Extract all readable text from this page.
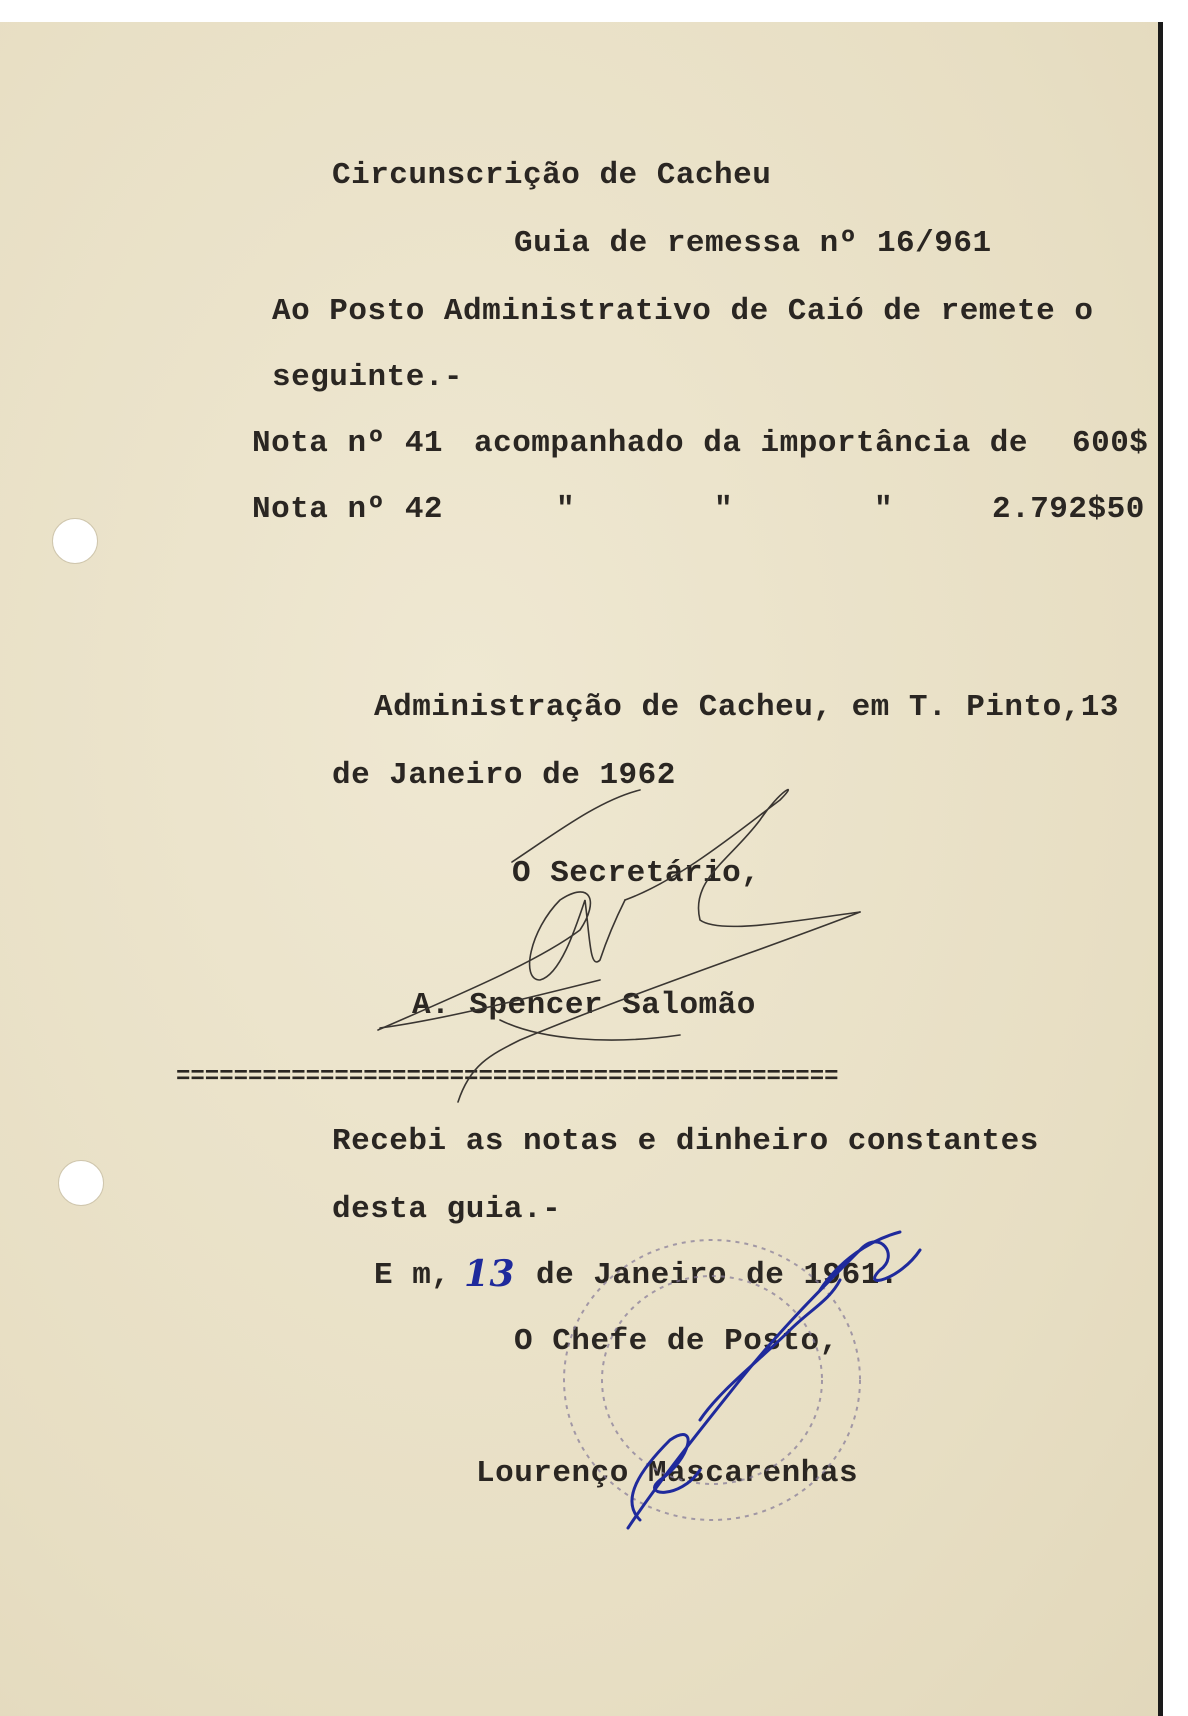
Circunscrição de Cacheu
Guia de remessa nº 16/961
Ao Posto Administrativo de Caió de remete o
seguinte.-
Nota nº 41 acompanhado da importância de 600$
Nota nº 42	"	"	"	2.792$50
Administração de Cacheu, em T. Pinto,13
de Janeiro de 1962
O Secretário,
A. Spencer Salomão
==============================================
Recebi as notas e dinheiro constantes
desta guia.-
E m, 13 de Janeiro de 1961.
O Chefe de Posto,
Lourenço Mascarenhas
